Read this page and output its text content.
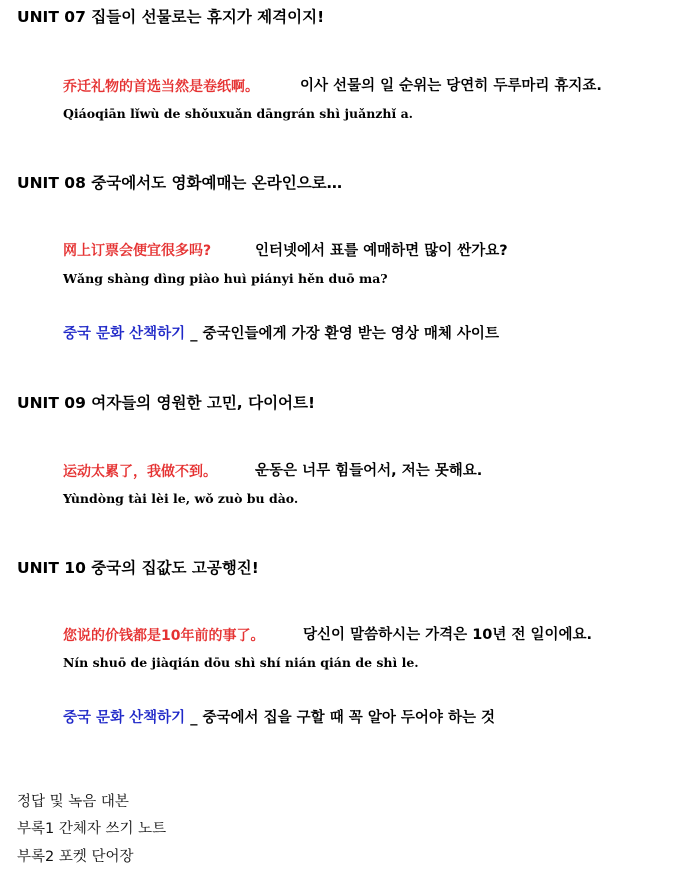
UNIT 07 집들이 선물로는 휴지가 제격이지!
乔迁礼物的首选当然是卷纸啊。	이사 선물의 일 순위는 당연히 두루마리 휴지죠.
Qiáoqiān lǐwù de shǒuxuǎn dāngrán shì juǎnzhǐ a.
UNIT 08 중국에서도 영화예매는 온라인으로…
网上订票会便宜很多吗?	인터넷에서 표를 예매하면 많이 싼가요?
Wǎng shàng dìng piào huì piányi hěn duō ma?
중국 문화 산책하기 _ 중국인들에게 가장 환영 받는 영상 매체 사이트
UNIT 09 여자들의 영원한 고민, 다이어트!
运动太累了，我做不到。	운동은 너무 힘들어서, 저는 못해요.
Yùndòng tài lèi le, wǒ zuò bu dào.
UNIT 10 중국의 집값도 고공행진!
您说的价钱都是10年前的事了。	당신이 말씀하시는 가격은 10년 전 일이에요.
Nín shuō de jiàqián dōu shì shí nián qián de shì le.
중국 문화 산책하기 _ 중국에서 집을 구할 때 꼭 알아 두어야 하는 것
정답 및 녹음 대본
부록1 간체자 쓰기 노트
부록2 포켓 단어장
